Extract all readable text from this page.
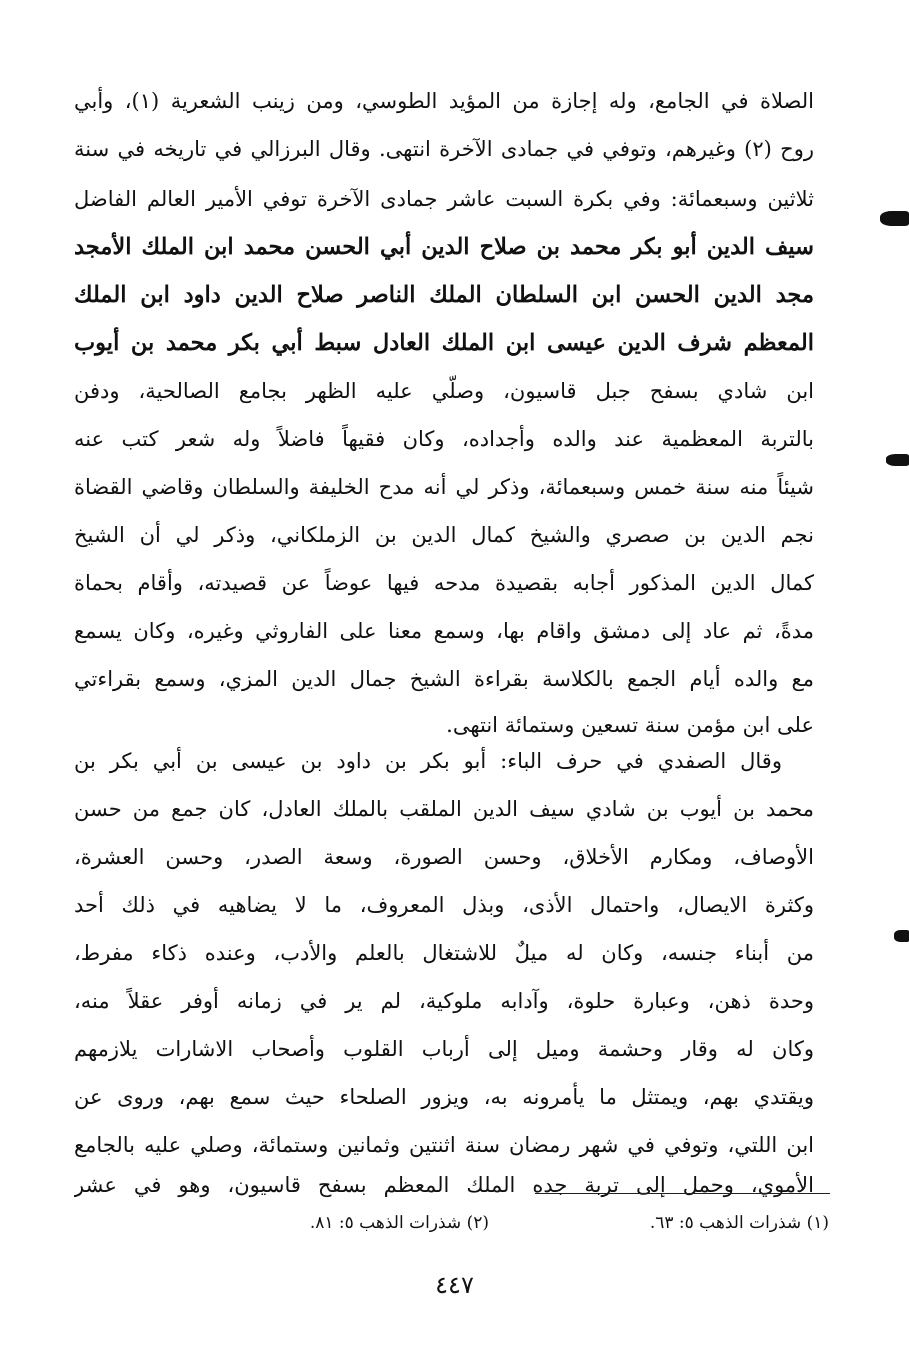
الصلاة في الجامع، وله إجازة من المؤيد الطوسي، ومن زينب الشعرية (١)، وأبي
روح (٢) وغيرهم، وتوفي في جمادى الآخرة انتهى. وقال البرزالي في تاريخه في سنة
ثلاثين وسبعمائة: وفي بكرة السبت عاشر جمادى الآخرة توفي الأمير العالم الفاضل
سيف الدين أبو بكر محمد بن صلاح الدين أبي الحسن محمد ابن الملك الأمجد
مجد الدين الحسن ابن السلطان الملك الناصر صلاح الدين داود ابن الملك
المعظم شرف الدين عيسى ابن الملك العادل سبط أبي بكر محمد بن أيوب
ابن شادي بسفح جبل قاسيون، وصلّي عليه الظهر بجامع الصالحية، ودفن
بالتربة المعظمية عند والده وأجداده، وكان فقيهاً فاضلاً وله شعر كتب عنه
شيئاً منه سنة خمس وسبعمائة، وذكر لي أنه مدح الخليفة والسلطان وقاضي القضاة
نجم الدين بن صصري والشيخ كمال الدين بن الزملكاني، وذكر لي أن الشيخ
كمال الدين المذكور أجابه بقصيدة مدحه فيها عوضاً عن قصيدته، وأقام بحماة
مدةً، ثم عاد إلى دمشق واقام بها، وسمع معنا على الفاروثي وغيره، وكان يسمع
مع والده أيام الجمع بالكلاسة بقراءة الشيخ جمال الدين المزي، وسمع بقراءتي
على ابن مؤمن سنة تسعين وستمائة انتهى.
وقال الصفدي في حرف الباء: أبو بكر بن داود بن عيسى بن أبي بكر بن
محمد بن أيوب بن شادي سيف الدين الملقب بالملك العادل، كان جمع من حسن
الأوصاف، ومكارم الأخلاق، وحسن الصورة، وسعة الصدر، وحسن العشرة،
وكثرة الايصال، واحتمال الأذى، وبذل المعروف، ما لا يضاهيه في ذلك أحد
من أبناء جنسه، وكان له ميلٌ للاشتغال بالعلم والأدب، وعنده ذكاء مفرط،
وحدة ذهن، وعبارة حلوة، وآدابه ملوكية، لم ير في زمانه أوفر عقلاً منه،
وكان له وقار وحشمة وميل إلى أرباب القلوب وأصحاب الاشارات يلازمهم
ويقتدي بهم، ويمتثل ما يأمرونه به، ويزور الصلحاء حيث سمع بهم، وروى عن
ابن اللتي، وتوفي في شهر رمضان سنة اثنتين وثمانين وستمائة، وصلي عليه بالجامع
الأموي، وحمل إلى تربة جده الملك المعظم بسفح قاسيون، وهو في عشر
(١) شذرات الذهب ٥: ٦٣.
(٢) شذرات الذهب ٥: ٨١.
٤٤٧
